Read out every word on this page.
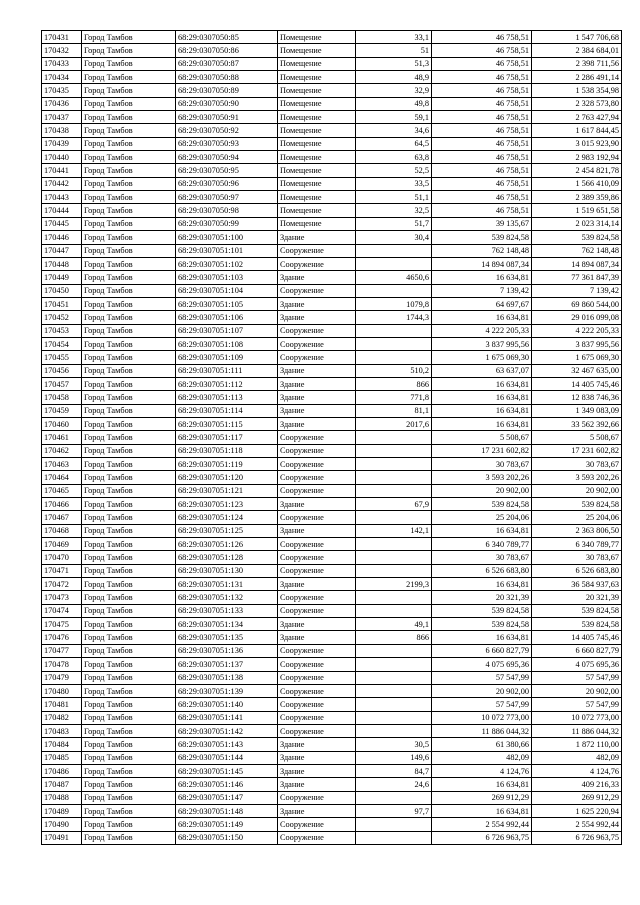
170431	Город Тамбов	68:29:0307050:85	Помещение	33,1	46 758,51	1 547 706,68
170432	Город Тамбов	68:29:0307050:86	Помещение	51	46 758,51	2 384 684,01
170433	Город Тамбов	68:29:0307050:87	Помещение	51,3	46 758,51	2 398 711,56
170434	Город Тамбов	68:29:0307050:88	Помещение	48,9	46 758,51	2 286 491,14
170435	Город Тамбов	68:29:0307050:89	Помещение	32,9	46 758,51	1 538 354,98
170436	Город Тамбов	68:29:0307050:90	Помещение	49,8	46 758,51	2 328 573,80
170437	Город Тамбов	68:29:0307050:91	Помещение	59,1	46 758,51	2 763 427,94
170438	Город Тамбов	68:29:0307050:92	Помещение	34,6	46 758,51	1 617 844,45
170439	Город Тамбов	68:29:0307050:93	Помещение	64,5	46 758,51	3 015 923,90
170440	Город Тамбов	68:29:0307050:94	Помещение	63,8	46 758,51	2 983 192,94
170441	Город Тамбов	68:29:0307050:95	Помещение	52,5	46 758,51	2 454 821,78
170442	Город Тамбов	68:29:0307050:96	Помещение	33,5	46 758,51	1 566 410,09
170443	Город Тамбов	68:29:0307050:97	Помещение	51,1	46 758,51	2 389 359,86
170444	Город Тамбов	68:29:0307050:98	Помещение	32,5	46 758,51	1 519 651,58
170445	Город Тамбов	68:29:0307050:99	Помещение	51,7	39 135,67	2 023 314,14
170446	Город Тамбов	68:29:0307051:100	Здание	30,4	539 824,58	539 824,58
170447	Город Тамбов	68:29:0307051:101	Сооружение		762 148,48	762 148,48
170448	Город Тамбов	68:29:0307051:102	Сооружение		14 894 087,34	14 894 087,34
170449	Город Тамбов	68:29:0307051:103	Здание	4650,6	16 634,81	77 361 847,39
170450	Город Тамбов	68:29:0307051:104	Сооружение		7 139,42	7 139,42
170451	Город Тамбов	68:29:0307051:105	Здание	1079,8	64 697,67	69 860 544,00
170452	Город Тамбов	68:29:0307051:106	Здание	1744,3	16 634,81	29 016 099,08
170453	Город Тамбов	68:29:0307051:107	Сооружение		4 222 205,33	4 222 205,33
170454	Город Тамбов	68:29:0307051:108	Сооружение		3 837 995,56	3 837 995,56
170455	Город Тамбов	68:29:0307051:109	Сооружение		1 675 069,30	1 675 069,30
170456	Город Тамбов	68:29:0307051:111	Здание	510,2	63 637,07	32 467 635,00
170457	Город Тамбов	68:29:0307051:112	Здание	866	16 634,81	14 405 745,46
170458	Город Тамбов	68:29:0307051:113	Здание	771,8	16 634,81	12 838 746,36
170459	Город Тамбов	68:29:0307051:114	Здание	81,1	16 634,81	1 349 083,09
170460	Город Тамбов	68:29:0307051:115	Здание	2017,6	16 634,81	33 562 392,66
170461	Город Тамбов	68:29:0307051:117	Сооружение		5 508,67	5 508,67
170462	Город Тамбов	68:29:0307051:118	Сооружение		17 231 602,82	17 231 602,82
170463	Город Тамбов	68:29:0307051:119	Сооружение		30 783,67	30 783,67
170464	Город Тамбов	68:29:0307051:120	Сооружение		3 593 202,26	3 593 202,26
170465	Город Тамбов	68:29:0307051:121	Сооружение		20 902,00	20 902,00
170466	Город Тамбов	68:29:0307051:123	Здание	67,9	539 824,58	539 824,58
170467	Город Тамбов	68:29:0307051:124	Сооружение		25 204,06	25 204,06
170468	Город Тамбов	68:29:0307051:125	Здание	142,1	16 634,81	2 363 806,50
170469	Город Тамбов	68:29:0307051:126	Сооружение		6 340 789,77	6 340 789,77
170470	Город Тамбов	68:29:0307051:128	Сооружение		30 783,67	30 783,67
170471	Город Тамбов	68:29:0307051:130	Сооружение		6 526 683,80	6 526 683,80
170472	Город Тамбов	68:29:0307051:131	Здание	2199,3	16 634,81	36 584 937,63
170473	Город Тамбов	68:29:0307051:132	Сооружение		20 321,39	20 321,39
170474	Город Тамбов	68:29:0307051:133	Сооружение		539 824,58	539 824,58
170475	Город Тамбов	68:29:0307051:134	Здание	49,1	539 824,58	539 824,58
170476	Город Тамбов	68:29:0307051:135	Здание	866	16 634,81	14 405 745,46
170477	Город Тамбов	68:29:0307051:136	Сооружение		6 660 827,79	6 660 827,79
170478	Город Тамбов	68:29:0307051:137	Сооружение		4 075 695,36	4 075 695,36
170479	Город Тамбов	68:29:0307051:138	Сооружение		57 547,99	57 547,99
170480	Город Тамбов	68:29:0307051:139	Сооружение		20 902,00	20 902,00
170481	Город Тамбов	68:29:0307051:140	Сооружение		57 547,99	57 547,99
170482	Город Тамбов	68:29:0307051:141	Сооружение		10 072 773,00	10 072 773,00
170483	Город Тамбов	68:29:0307051:142	Сооружение		11 886 044,32	11 886 044,32
170484	Город Тамбов	68:29:0307051:143	Здание	30,5	61 380,66	1 872 110,00
170485	Город Тамбов	68:29:0307051:144	Здание	149,6	482,09	482,09
170486	Город Тамбов	68:29:0307051:145	Здание	84,7	4 124,76	4 124,76
170487	Город Тамбов	68:29:0307051:146	Здание	24,6	16 634,81	409 216,33
170488	Город Тамбов	68:29:0307051:147	Сооружение		269 912,29	269 912,29
170489	Город Тамбов	68:29:0307051:148	Здание	97,7	16 634,81	1 625 220,94
170490	Город Тамбов	68:29:0307051:149	Сооружение		2 554 992,44	2 554 992,44
170491	Город Тамбов	68:29:0307051:150	Сооружение		6 726 963,75	6 726 963,75
